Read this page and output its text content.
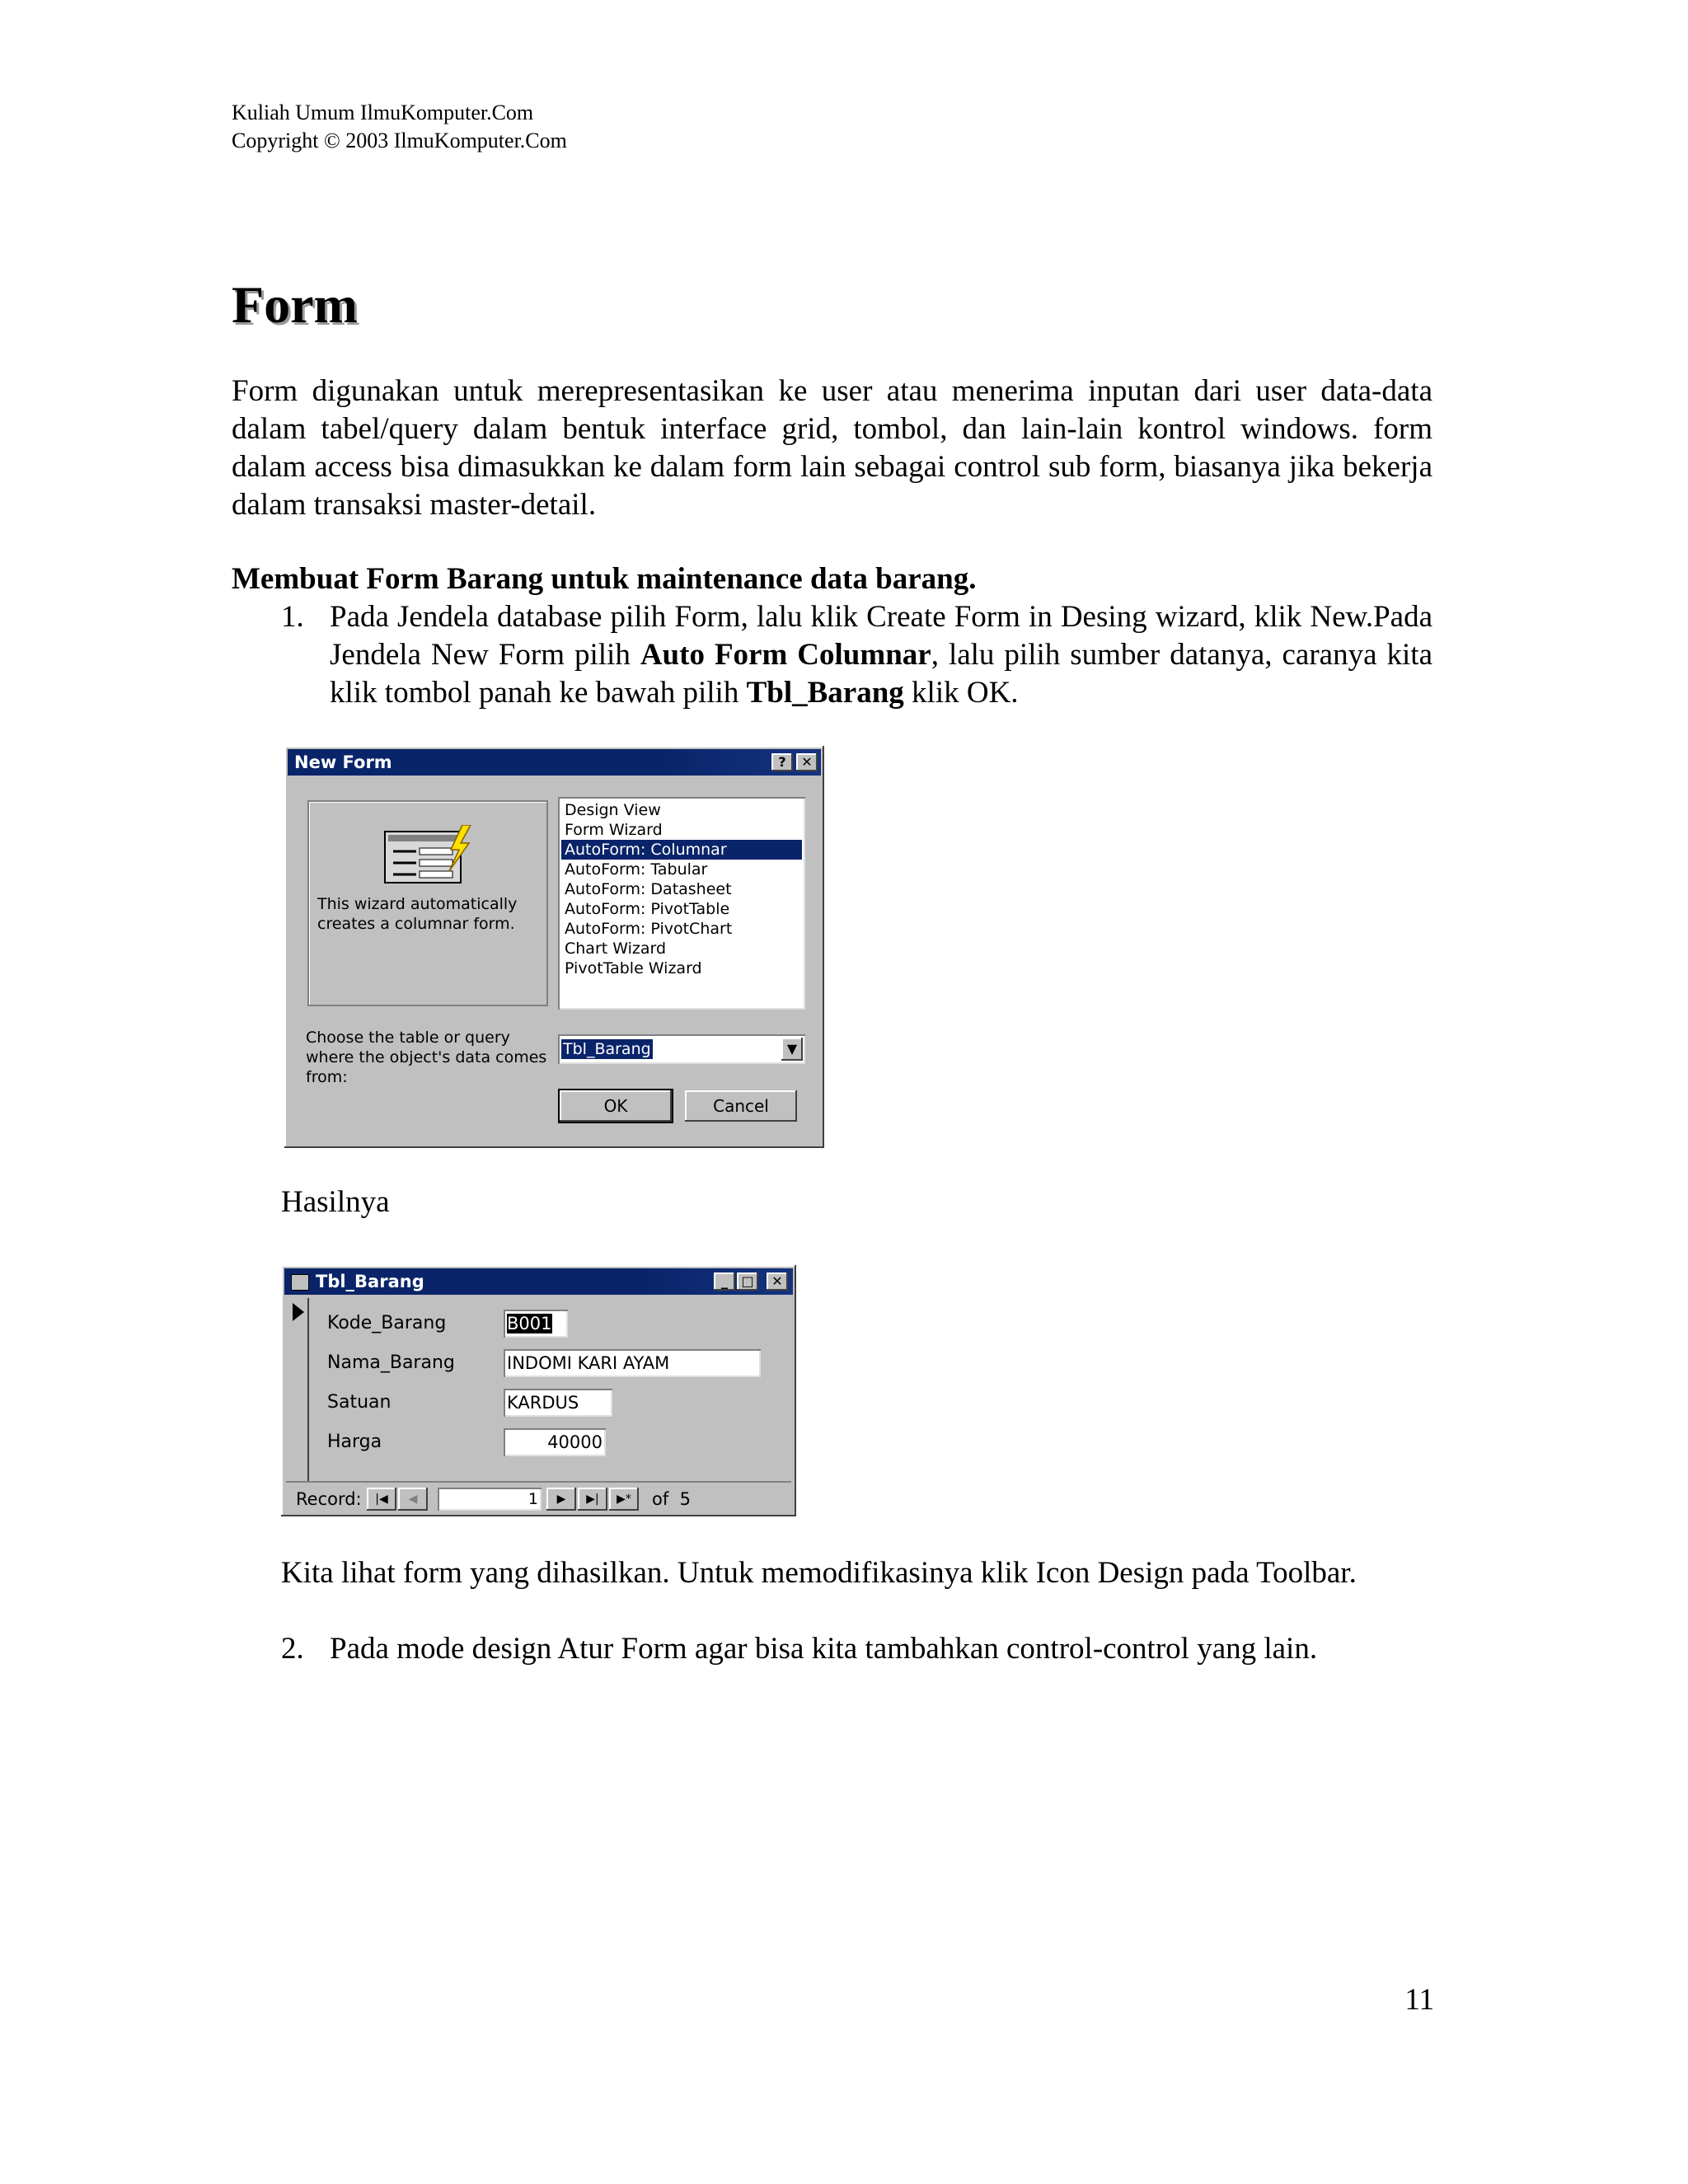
Kuliah Umum IlmuKomputer.Com
Copyright © 2003 IlmuKomputer.Com
Form
Form digunakan untuk merepresentasikan ke user atau menerima inputan dari user data-data dalam tabel/query dalam bentuk interface grid, tombol, dan lain-lain kontrol windows. form dalam access bisa dimasukkan ke dalam form lain sebagai control sub form, biasanya jika bekerja dalam transaksi master-detail.
Membuat Form Barang untuk maintenance data barang.
1. Pada Jendela database pilih Form, lalu klik Create Form in Desing wizard, klik New.Pada Jendela New Form pilih Auto Form Columnar, lalu pilih sumber datanya, caranya kita klik tombol panah ke bawah pilih Tbl_Barang klik OK.
New Form	?	✕
This wizard automatically creates a columnar form.
Design View
Form Wizard
AutoForm: Columnar
AutoForm: Tabular
AutoForm: Datasheet
AutoForm: PivotTable
AutoForm: PivotChart
Chart Wizard
PivotTable Wizard
Choose the table or query where the object's data comes from:
Tbl_Barang	▼
OK	Cancel
Hasilnya
Tbl_Barang	_	□	✕
Kode_Barang	B001
Nama_Barang	INDOMI KARI AYAM
Satuan	KARDUS
Harga	40000
Record:	|◀	◀	1	▶	▶|	▶*	of  5
Kita lihat form yang dihasilkan. Untuk memodifikasinya klik Icon Design pada Toolbar.
2. Pada mode design Atur Form agar bisa kita tambahkan control-control yang lain.
11
